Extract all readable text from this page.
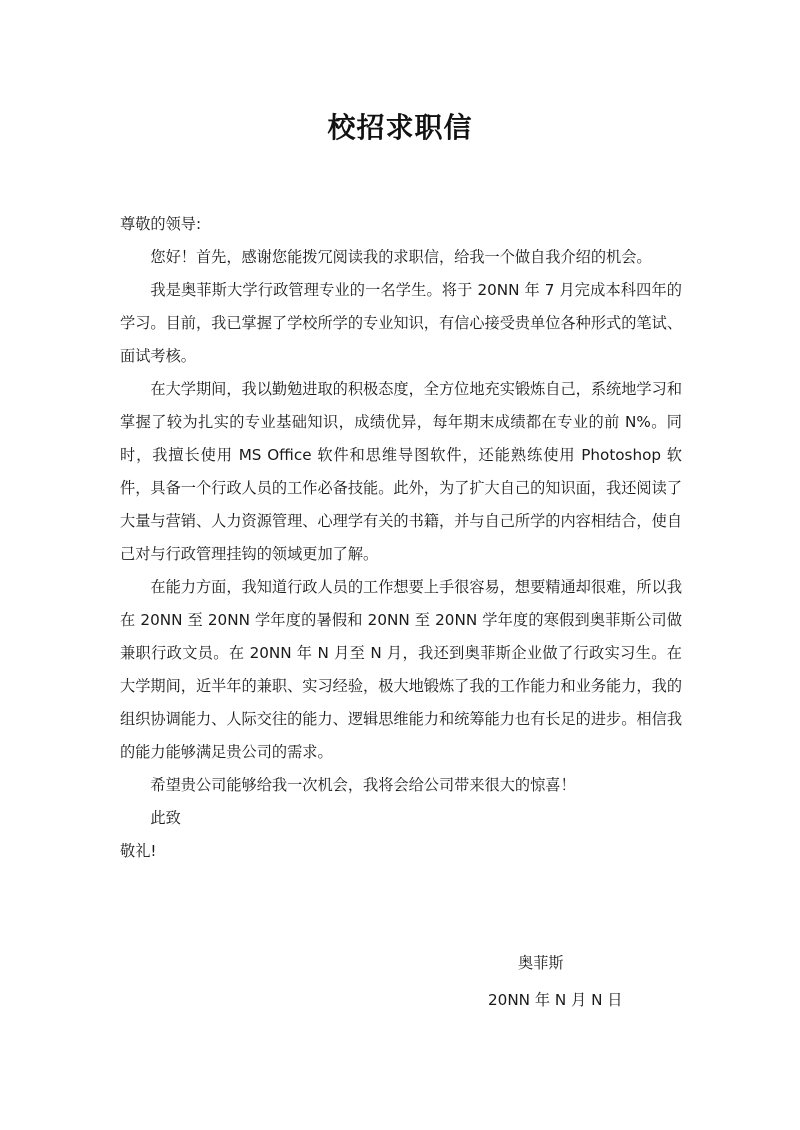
校招求职信

尊敬的领导:

您好！首先，感谢您能拨冗阅读我的求职信，给我一个做自我介绍的机会。

我是奥菲斯大学行政管理专业的一名学生。将于 20NN 年 7 月完成本科四年的学习。目前，我已掌握了学校所学的专业知识，有信心接受贵单位各种形式的笔试、面试考核。

在大学期间，我以勤勉进取的积极态度，全方位地充实锻炼自己，系统地学习和掌握了较为扎实的专业基础知识，成绩优异，每年期末成绩都在专业的前 N%。同时，我擅长使用 MS Office 软件和思维导图软件，还能熟练使用 Photoshop 软件，具备一个行政人员的工作必备技能。此外，为了扩大自己的知识面，我还阅读了大量与营销、人力资源管理、心理学有关的书籍，并与自己所学的内容相结合，使自己对与行政管理挂钩的领域更加了解。

在能力方面，我知道行政人员的工作想要上手很容易，想要精通却很难，所以我在 20NN 至 20NN 学年度的暑假和 20NN 至 20NN 学年度的寒假到奥菲斯公司做兼职行政文员。在 20NN 年 N 月至 N 月，我还到奥菲斯企业做了行政实习生。在大学期间，近半年的兼职、实习经验，极大地锻炼了我的工作能力和业务能力，我的组织协调能力、人际交往的能力、逻辑思维能力和统筹能力也有长足的进步。相信我的能力能够满足贵公司的需求。

希望贵公司能够给我一次机会，我将会给公司带来很大的惊喜！

此致

敬礼!

奥菲斯
20NN 年 N 月 N 日
